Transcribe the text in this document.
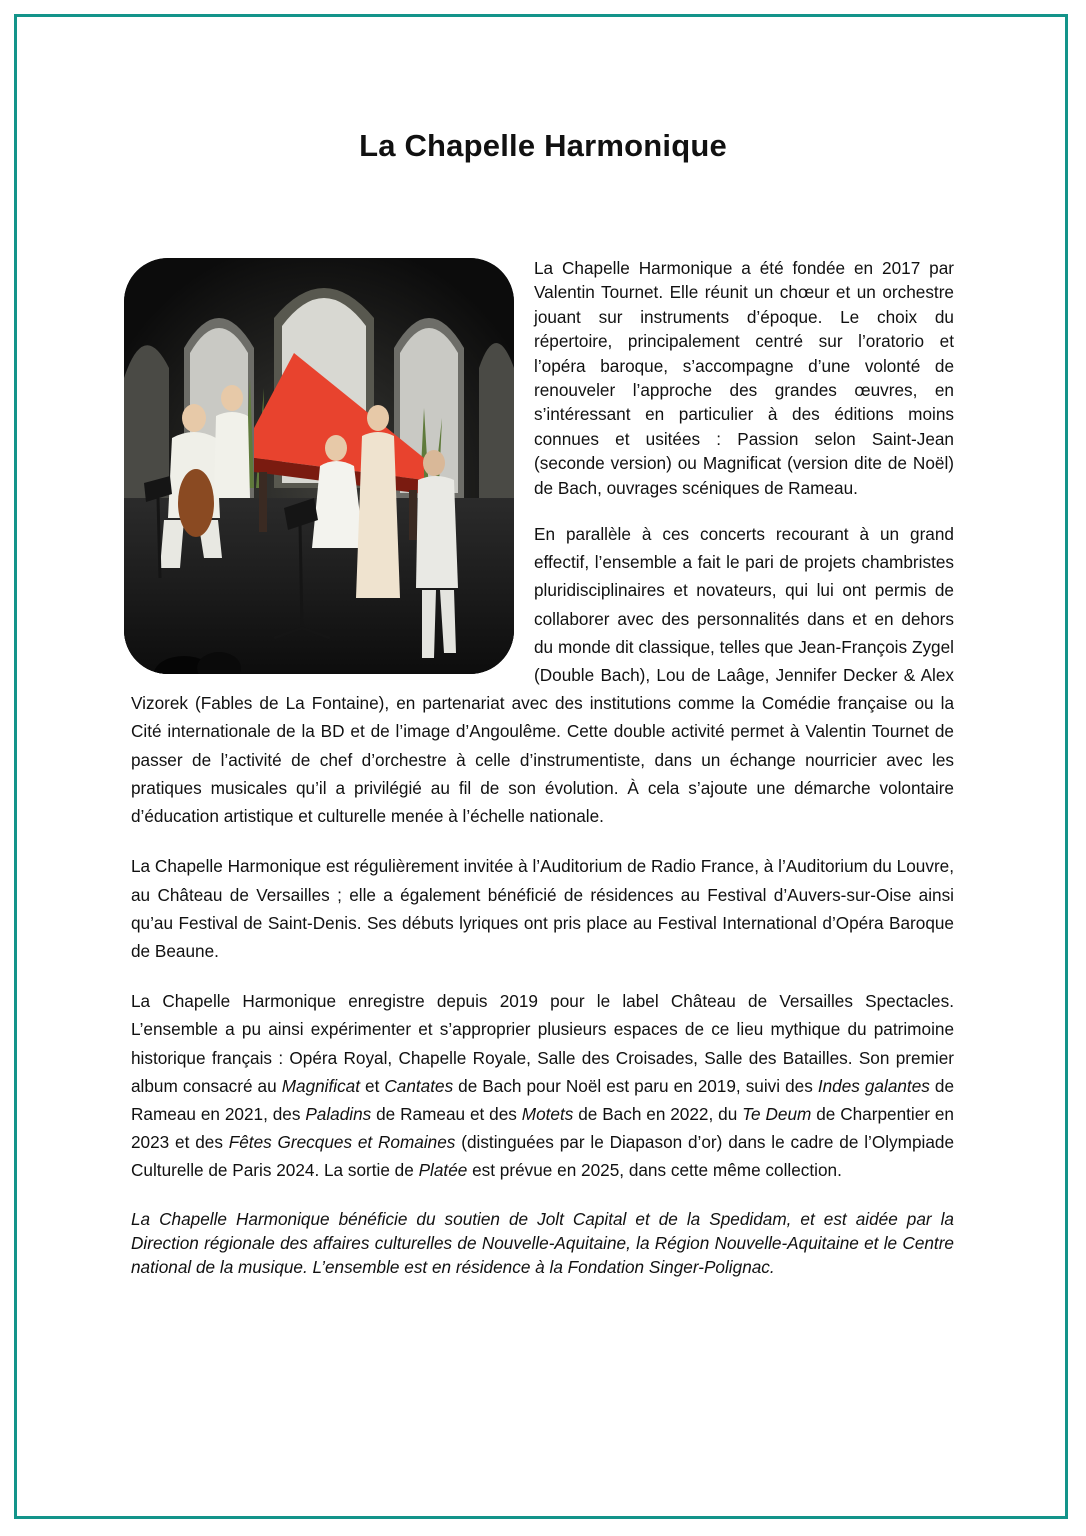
La Chapelle Harmonique

La Chapelle Harmonique a été fondée en 2017 par Valentin Tournet. Elle réunit un chœur et un orchestre jouant sur instruments d’époque. Le choix du répertoire, principalement centré sur l’oratorio et l’opéra baroque, s’accompagne d’une volonté de renouveler l’approche des grandes œuvres, en s’intéressant en particulier à des éditions moins connues et usitées : Passion selon Saint-Jean (seconde version) ou Magnificat (version dite de Noël) de Bach, ouvrages scéniques de Rameau.

En parallèle à ces concerts recourant à un grand effectif, l’ensemble a fait le pari de projets chambristes pluridisciplinaires et novateurs, qui lui ont permis de collaborer avec des personnalités dans et en dehors du monde dit classique, telles que Jean-François Zygel (Double Bach), Lou de Laâge, Jennifer Decker & Alex Vizorek (Fables de La Fontaine), en partenariat avec des institutions comme la Comédie française ou la Cité internationale de la BD et de l’image d’Angoulême. Cette double activité permet à Valentin Tournet de passer de l’activité de chef d’orchestre à celle d’instrumentiste, dans un échange nourricier avec les pratiques musicales qu’il a privilégié au fil de son évolution. À cela s’ajoute une démarche volontaire d’éducation artistique et culturelle menée à l’échelle nationale.

La Chapelle Harmonique est régulièrement invitée à l’Auditorium de Radio France, à l’Auditorium du Louvre, au Château de Versailles ; elle a également bénéficié de résidences au Festival d’Auvers-sur-Oise ainsi qu’au Festival de Saint-Denis. Ses débuts lyriques ont pris place au Festival International d’Opéra Baroque de Beaune.

La Chapelle Harmonique enregistre depuis 2019 pour le label Château de Versailles Spectacles. L’ensemble a pu ainsi expérimenter et s’approprier plusieurs espaces de ce lieu mythique du patrimoine historique français : Opéra Royal, Chapelle Royale, Salle des Croisades, Salle des Batailles. Son premier album consacré au Magnificat et Cantates de Bach pour Noël est paru en 2019, suivi des Indes galantes de Rameau en 2021, des Paladins de Rameau et des Motets de Bach en 2022, du Te Deum de Charpentier en 2023 et des Fêtes Grecques et Romaines (distinguées par le Diapason d’or) dans le cadre de l’Olympiade Culturelle de Paris 2024. La sortie de Platée est prévue en 2025, dans cette même collection.

La Chapelle Harmonique bénéficie du soutien de Jolt Capital et de la Spedidam, et est aidée par la Direction régionale des affaires culturelles de Nouvelle-Aquitaine, la Région Nouvelle-Aquitaine et le Centre national de la musique. L’ensemble est en résidence à la Fondation Singer-Polignac.
